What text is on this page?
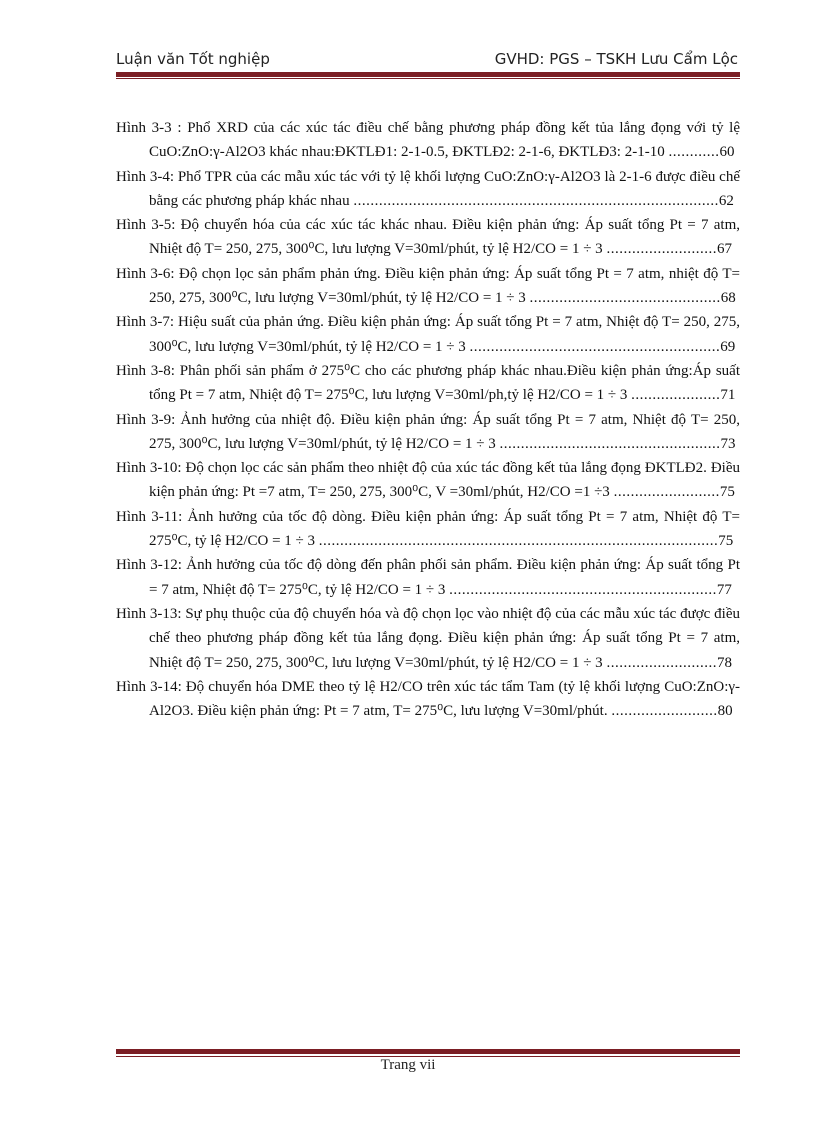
Luận văn Tốt nghiệp	GVHD: PGS – TSKH Lưu Cẩm Lộc
Hình 3-3 : Phổ XRD của các xúc tác điều chế bằng phương pháp đồng kết tủa lắng đọng với tỷ lệ CuO:ZnO:γ-Al2O3 khác nhau:ĐKTLĐ1: 2-1-0.5, ĐKTLĐ2: 2-1-6, ĐKTLĐ3: 2-1-10 ............60
Hình 3-4: Phổ TPR của các mẫu xúc tác với tỷ lệ khối lượng CuO:ZnO:γ-Al2O3 là 2-1-6 được điều chế bằng các phương pháp khác nhau ......................................................................................62
Hình 3-5: Độ chuyển hóa của các xúc tác khác nhau. Điều kiện phản ứng: Áp suất tổng Pt = 7 atm, Nhiệt độ T= 250, 275, 300⁰C, lưu lượng V=30ml/phút, tỷ lệ H2/CO = 1 ÷ 3 ..........................67
Hình 3-6: Độ chọn lọc sản phẩm phản ứng. Điều kiện phản ứng: Áp suất tổng Pt = 7 atm, nhiệt độ T= 250, 275, 300⁰C, lưu lượng V=30ml/phút, tỷ lệ H2/CO = 1 ÷ 3 .............................................68
Hình 3-7: Hiệu suất của phản ứng. Điều kiện phản ứng: Áp suất tổng Pt = 7 atm, Nhiệt độ T= 250, 275, 300⁰C, lưu lượng V=30ml/phút, tỷ lệ H2/CO = 1 ÷ 3 ...........................................................69
Hình 3-8: Phân phối sản phẩm ở 275⁰C cho các phương pháp khác nhau.Điều kiện phản ứng:Áp suất tổng Pt = 7 atm, Nhiệt độ T= 275⁰C, lưu lượng V=30ml/ph,tỷ lệ H2/CO = 1 ÷ 3 .....................71
Hình 3-9: Ảnh hưởng của nhiệt độ. Điều kiện phản ứng: Áp suất tổng Pt = 7 atm, Nhiệt độ T= 250, 275, 300⁰C, lưu lượng V=30ml/phút, tỷ lệ H2/CO = 1 ÷ 3 ....................................................73
Hình 3-10: Độ chọn lọc các sản phẩm theo nhiệt độ của xúc tác đồng kết tủa lắng đọng ĐKTLĐ2. Điều kiện phản ứng: Pt =7 atm, T= 250, 275, 300⁰C, V =30ml/phút, H2/CO =1 ÷3 .........................75
Hình 3-11: Ảnh hưởng của tốc độ dòng. Điều kiện phản ứng: Áp suất tổng Pt = 7 atm, Nhiệt độ T= 275⁰C, tỷ lệ H2/CO = 1 ÷ 3 ..............................................................................................75
Hình 3-12: Ảnh hưởng của tốc độ dòng đến phân phối sản phẩm. Điều kiện phản ứng: Áp suất tổng Pt = 7 atm, Nhiệt độ T= 275⁰C, tỷ lệ H2/CO = 1 ÷ 3 ...............................................................77
Hình 3-13: Sự phụ thuộc của độ chuyển hóa và độ chọn lọc vào nhiệt độ của các mẫu xúc tác được điều chế theo phương pháp đồng kết tủa lắng đọng. Điều kiện phản ứng: Áp suất tổng Pt = 7 atm, Nhiệt độ T= 250, 275, 300⁰C, lưu lượng V=30ml/phút, tỷ lệ H2/CO = 1 ÷ 3 ..........................78
Hình 3-14: Độ chuyển hóa DME theo tỷ lệ H2/CO trên xúc tác tẩm Tam (tỷ lệ khối lượng CuO:ZnO:γ-Al2O3. Điều kiện phản ứng: Pt = 7 atm, T= 275⁰C, lưu lượng V=30ml/phút. .........................80
Trang vii
